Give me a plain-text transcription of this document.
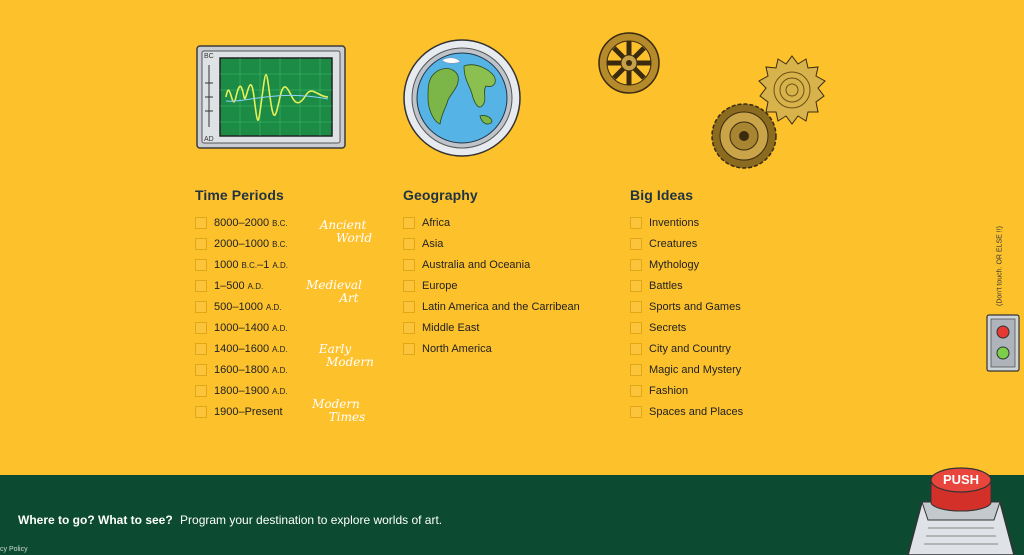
BC
AD
Time Periods
8000–2000 B.C.
2000–1000 B.C.
1000 B.C.–1 A.D.
1–500 A.D.
500–1000 A.D.
1000–1400 A.D.
1400–1600 A.D.
1600–1800 A.D.
1800–1900 A.D.
1900–Present
Ancient
World
Medieval
Art
Early
Modern
Modern
Times
Geography
Africa
Asia
Australia and Oceania
Europe
Latin America and the Carribean
Middle East
North America
Big Ideas
Inventions
Creatures
Mythology
Battles
Sports and Games
Secrets
City and Country
Magic and Mystery
Fashion
Spaces and Places
(Don't touch. OR ELSE !!)
Where to go? What to see? Program your destination to explore worlds of art.
cy Policy
PUSH
